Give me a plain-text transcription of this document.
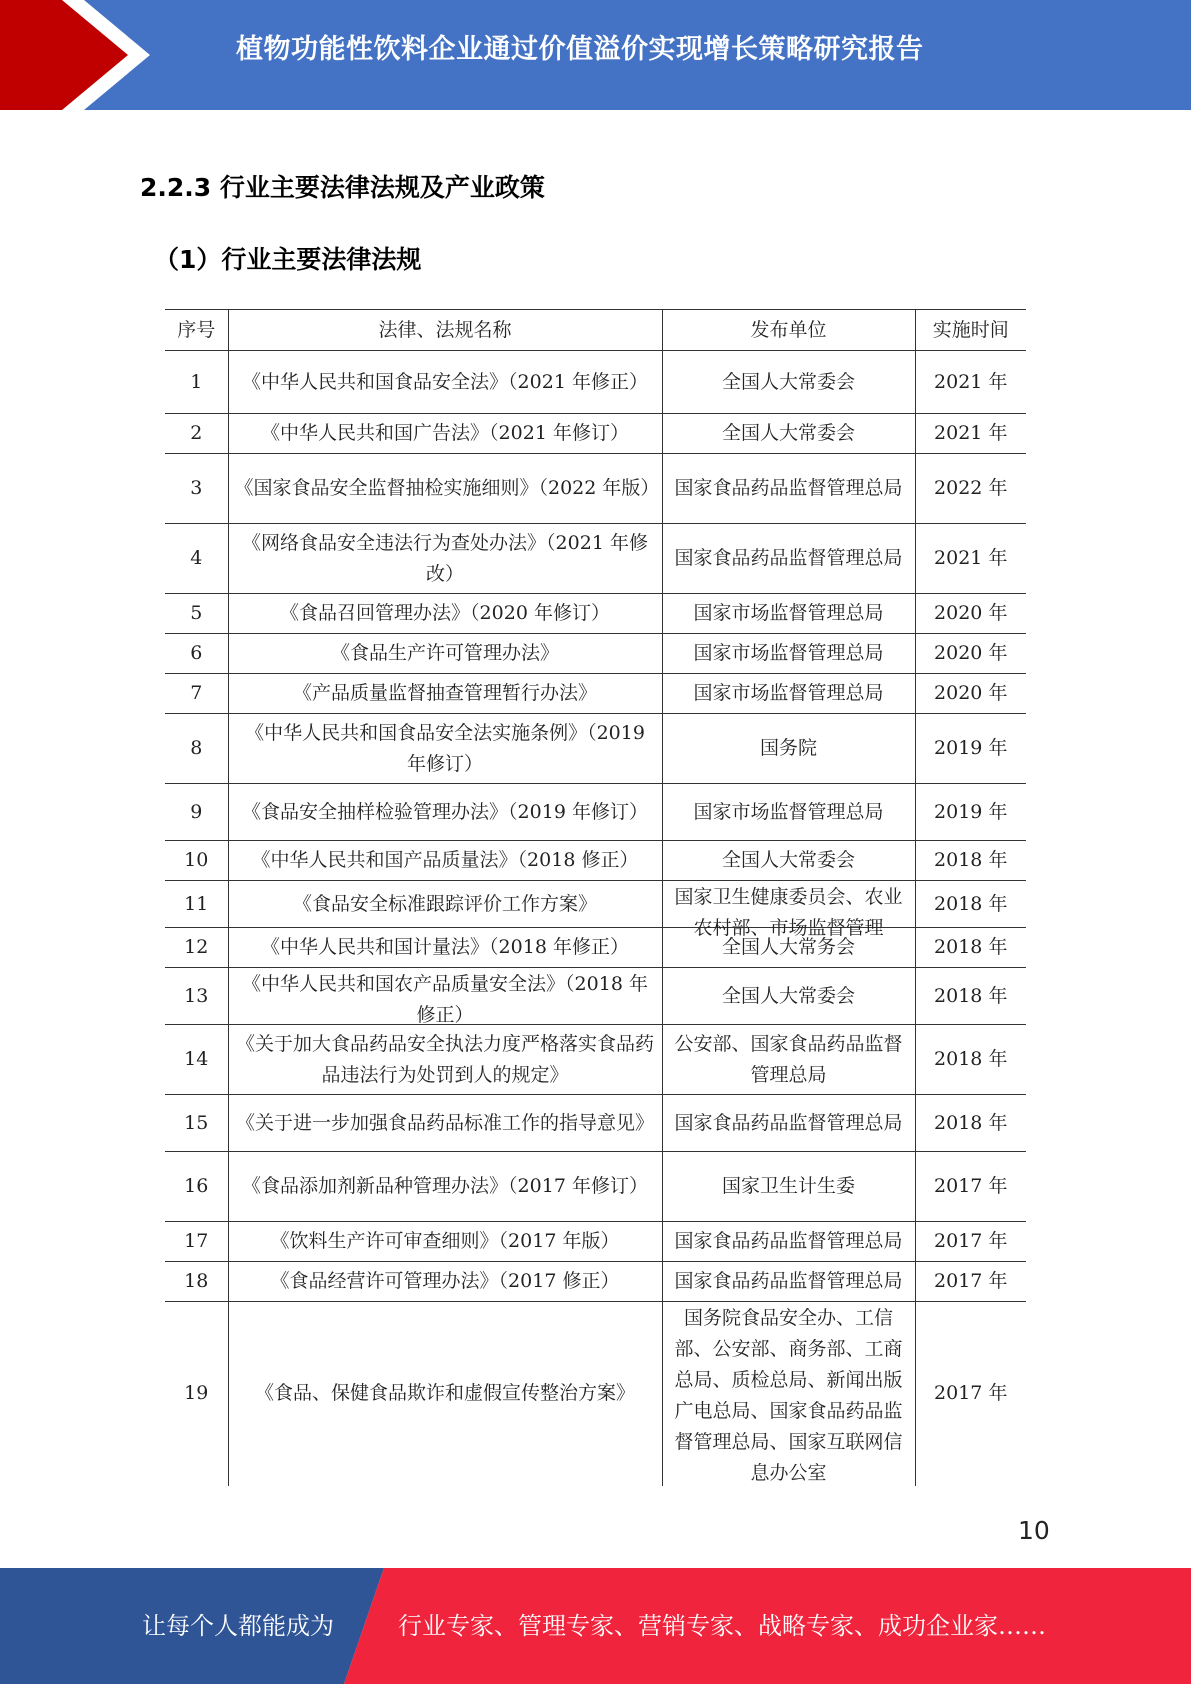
植物功能性饮料企业通过价值溢价实现增长策略研究报告
2.2.3 行业主要法律法规及产业政策
（1）行业主要法律法规
序号	法律、法规名称	发布单位	实施时间

1	《中华人民共和国食品安全法》（2021 年修正）	全国人大常委会	2021 年

2	《中华人民共和国广告法》（2021 年修订）	全国人大常委会	2021 年

3	《国家食品安全监督抽检实施细则》（2022 年版）	国家食品药品监督管理总局	2022 年

4	《网络食品安全违法行为查处办法》（2021 年修改）	国家食品药品监督管理总局	2021 年

5	《食品召回管理办法》（2020 年修订）	国家市场监督管理总局	2020 年

6	《食品生产许可管理办法》	国家市场监督管理总局	2020 年

7	《产品质量监督抽查管理暂行办法》	国家市场监督管理总局	2020 年

8	《中华人民共和国食品安全法实施条例》（2019 年修订）	国务院	2019 年

9	《食品安全抽样检验管理办法》（2019 年修订）	国家市场监督管理总局	2019 年

10	《中华人民共和国产品质量法》（2018 修正）	全国人大常委会	2018 年

11	《食品安全标准跟踪评价工作方案》	国家卫生健康委员会、农业农村部、市场监督管理	2018 年

12	《中华人民共和国计量法》（2018 年修正）	全国人大常务会	2018 年

13	《中华人民共和国农产品质量安全法》（2018 年修正）	全国人大常委会	2018 年

14	《关于加大食品药品安全执法力度严格落实食品药品违法行为处罚到人的规定》	公安部、国家食品药品监督管理总局	2018 年

15	《关于进一步加强食品药品标准工作的指导意见》	国家食品药品监督管理总局	2018 年

16	《食品添加剂新品种管理办法》（2017 年修订）	国家卫生计生委	2017 年

17	《饮料生产许可审查细则》（2017 年版）	国家食品药品监督管理总局	2017 年

18	《食品经营许可管理办法》（2017 修正）	国家食品药品监督管理总局	2017 年

19	《食品、保健食品欺诈和虚假宣传整治方案》	国务院食品安全办、工信部、公安部、商务部、工商总局、质检总局、新闻出版广电总局、国家食品药品监督管理总局、国家互联网信息办公室	2017 年
10
让每个人都能成为	行业专家、管理专家、营销专家、战略专家、成功企业家……
